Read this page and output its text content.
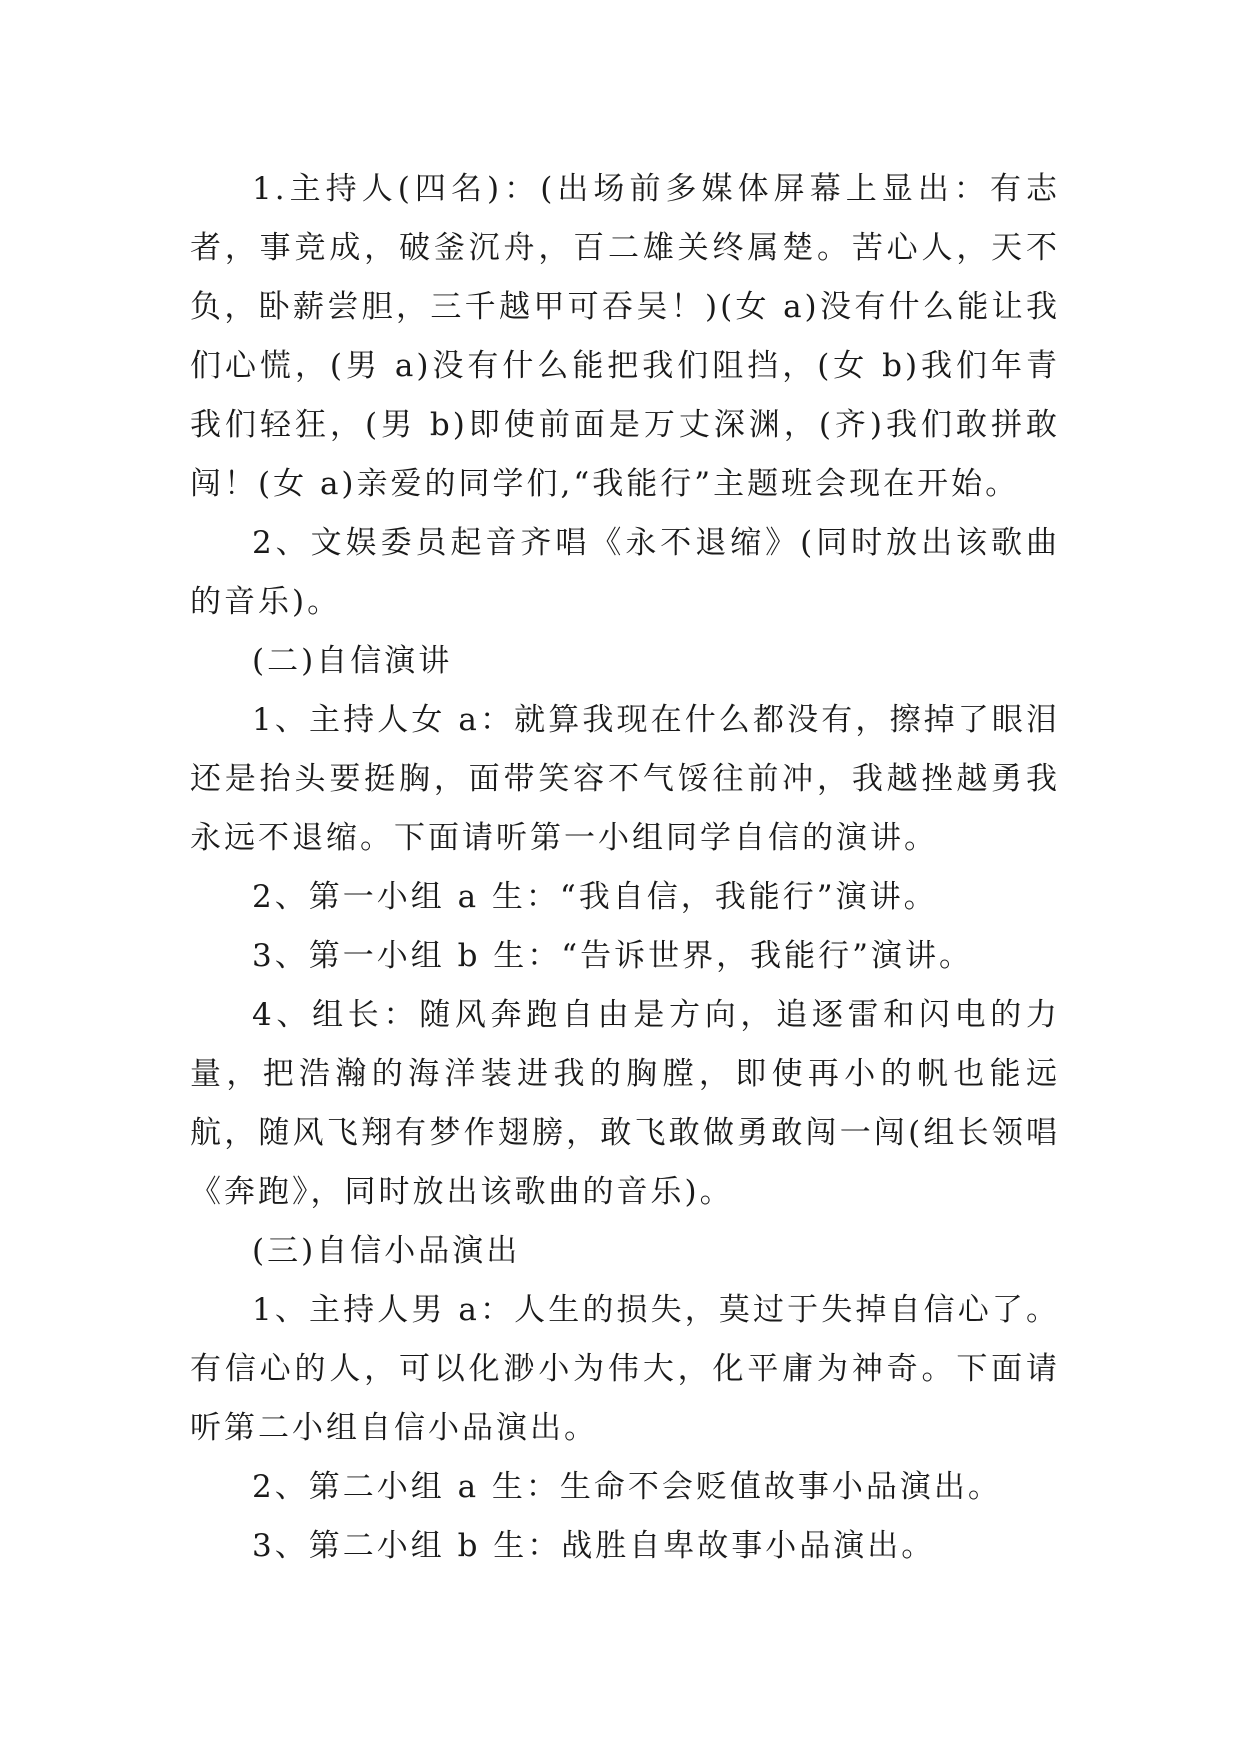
1.主持人(四名)：(出场前多媒体屏幕上显出：有志者，事竞成，破釜沉舟，百二雄关终属楚。苦心人，天不负，卧薪尝胆，三千越甲可吞吴！)(女 a)没有什么能让我们心慌，(男 a)没有什么能把我们阻挡，(女 b)我们年青我们轻狂，(男 b)即使前面是万丈深渊，(齐)我们敢拼敢闯！(女 a)亲爱的同学们,“我能行”主题班会现在开始。

2、文娱委员起音齐唱《永不退缩》(同时放出该歌曲的音乐)。

(二)自信演讲

1、主持人女 a：就算我现在什么都没有，擦掉了眼泪还是抬头要挺胸，面带笑容不气馁往前冲，我越挫越勇我永远不退缩。下面请听第一小组同学自信的演讲。

2、第一小组 a 生：“我自信，我能行”演讲。

3、第一小组 b 生：“告诉世界，我能行”演讲。

4、组长：随风奔跑自由是方向，追逐雷和闪电的力量，把浩瀚的海洋装进我的胸膛，即使再小的帆也能远航，随风飞翔有梦作翅膀，敢飞敢做勇敢闯一闯(组长领唱《奔跑》，同时放出该歌曲的音乐)。

(三)自信小品演出

1、主持人男 a：人生的损失，莫过于失掉自信心了。有信心的人，可以化渺小为伟大，化平庸为神奇。下面请听第二小组自信小品演出。

2、第二小组 a 生：生命不会贬值故事小品演出。

3、第二小组 b 生：战胜自卑故事小品演出。
